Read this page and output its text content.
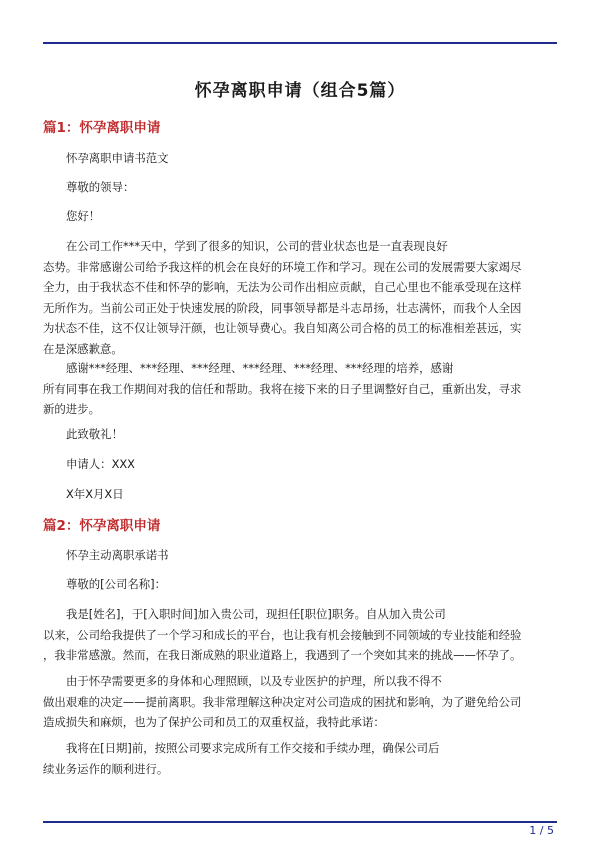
怀孕离职申请（组合5篇）
篇1：怀孕离职申请
怀孕离职申请书范文
尊敬的领导：
您好！
在公司工作***天中，学到了很多的知识，公司的营业状态也是一直表现良好
态势。非常感谢公司给予我这样的机会在良好的环境工作和学习。现在公司的发展需要大家竭尽
全力，由于我状态不佳和怀孕的影响，无法为公司作出相应贡献，自己心里也不能承受现在这样
无所作为。当前公司正处于快速发展的阶段，同事领导都是斗志昂扬，壮志满怀，而我个人全因
为状态不佳，这不仅让领导汗颜，也让领导费心。我自知离公司合格的员工的标准相差甚远，实
在是深感歉意。
感谢***经理、***经理、***经理、***经理、***经理、***经理的培养，感谢
所有同事在我工作期间对我的信任和帮助。我将在接下来的日子里调整好自己，重新出发，寻求
新的进步。
此致敬礼！
申请人：XXX
X年X月X日
篇2：怀孕离职申请
怀孕主动离职承诺书
尊敬的[公司名称]：
我是[姓名]，于[入职时间]加入贵公司，现担任[职位]职务。自从加入贵公司
以来，公司给我提供了一个学习和成长的平台，也让我有机会接触到不同领域的专业技能和经验
，我非常感激。然而，在我日渐成熟的职业道路上，我遇到了一个突如其来的挑战——怀孕了。
由于怀孕需要更多的身体和心理照顾，以及专业医护的护理，所以我不得不
做出艰难的决定——提前离职。我非常理解这种决定对公司造成的困扰和影响，为了避免给公司
造成损失和麻烦，也为了保护公司和员工的双重权益，我特此承诺：
我将在[日期]前，按照公司要求完成所有工作交接和手续办理，确保公司后
续业务运作的顺利进行。
1 / 5
